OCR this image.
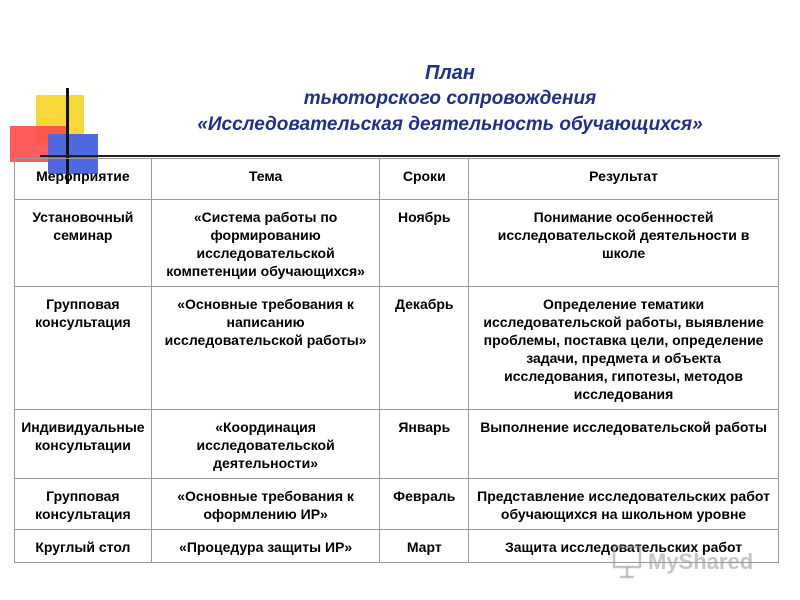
План
тьюторского сопровождения
«Исследовательская деятельность обучающихся»
Мероприятие	Тема	Сроки	Результат
Установочный семинар	«Система работы по формированию исследовательской компетенции обучающихся»	Ноябрь	Понимание особенностей исследовательской деятельности в школе
Групповая консультация	«Основные требования к написанию исследовательской работы»	Декабрь	Определение тематики исследовательской работы, выявление проблемы, поставка цели, определение задачи, предмета и объекта исследования, гипотезы, методов исследования
Индивидуальные консультации	«Координация исследовательской деятельности»	Январь	Выполнение исследовательской работы
Групповая консультация	«Основные требования к оформлению ИР»	Февраль	Представление исследовательских работ обучающихся на школьном уровне
Круглый стол	«Процедура защиты ИР»	Март	Защита исследовательских работ
MyShared
